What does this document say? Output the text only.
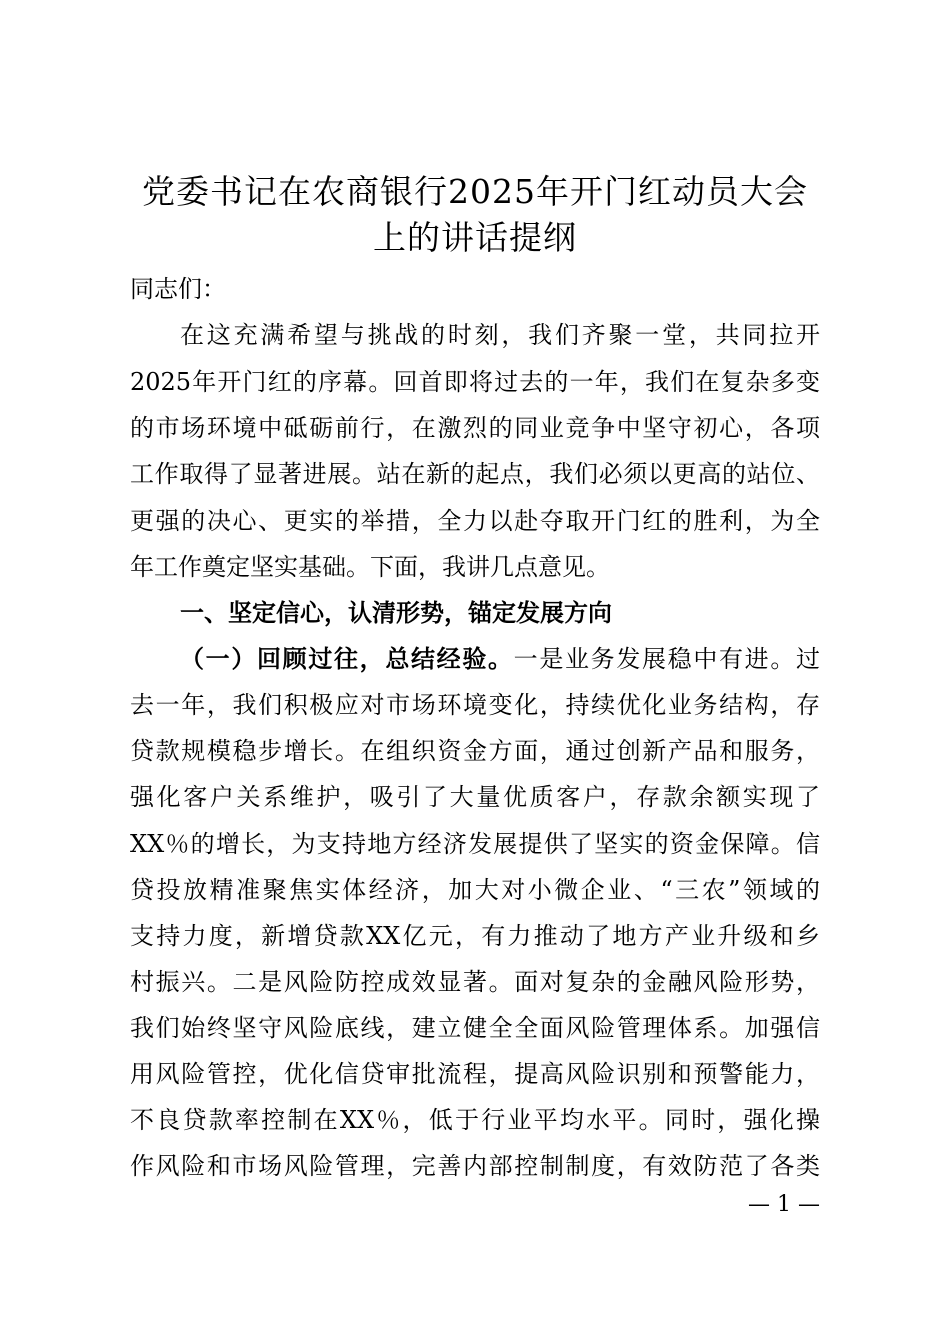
党委书记在农商银行2025年开门红动员大会
上的讲话提纲
同志们：
在这充满希望与挑战的时刻，我们齐聚一堂，共同拉开
2025年开门红的序幕。回首即将过去的一年，我们在复杂多变
的市场环境中砥砺前行，在激烈的同业竞争中坚守初心，各项
工作取得了显著进展。站在新的起点，我们必须以更高的站位、
更强的决心、更实的举措，全力以赴夺取开门红的胜利，为全
年工作奠定坚实基础。下面，我讲几点意见。
一、坚定信心，认清形势，锚定发展方向
（一）回顾过往，总结经验。一是业务发展稳中有进。过
去一年，我们积极应对市场环境变化，持续优化业务结构，存
贷款规模稳步增长。在组织资金方面，通过创新产品和服务，
强化客户关系维护，吸引了大量优质客户，存款余额实现了
XX％的增长，为支持地方经济发展提供了坚实的资金保障。信
贷投放精准聚焦实体经济，加大对小微企业、“三农”领域的
支持力度，新增贷款XX亿元，有力推动了地方产业升级和乡
村振兴。二是风险防控成效显著。面对复杂的金融风险形势，
我们始终坚守风险底线，建立健全全面风险管理体系。加强信
用风险管控，优化信贷审批流程，提高风险识别和预警能力，
不良贷款率控制在XX％，低于行业平均水平。同时，强化操
作风险和市场风险管理，完善内部控制制度，有效防范了各类
— 1 —
